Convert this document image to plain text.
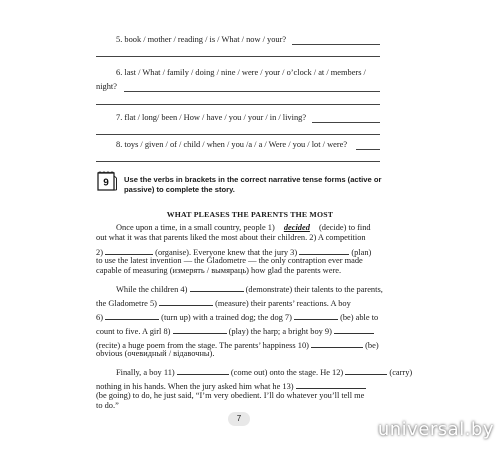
5. book / mother / reading / is / What / now / your?
6. last / What / family / doing / nine / were / your / o’clock / at / members /
night?
7. flat / long/ been / How / have / you / your / in / living?
8. toys / given / of / child / when / you /a / a / Were / you / lot / were?
9 Use the verbs in brackets in the correct narrative tense forms (active or passive) to complete the story.
WHAT PLEASES THE PARENTS THE MOST
Once upon a time, in a small country, people 1) decided (decide) to find
out what it was that parents liked the most about their children. 2) A competition
2)	(organise). Everyone knew that the jury 3)	(plan)
to use the latest invention — the Gladometre — the only contraption ever made
capable of measuring (измерять / вымяраць) how glad the parents were.
While the children 4)	(demonstrate) their talents to the parents,
the Gladometre 5)	(measure) their parents’ reactions. A boy
6)	(turn up) with a trained dog; the dog 7)	(be) able to
count to five. A girl 8)	(play) the harp; a bright boy 9)
(recite) a huge poem from the stage. The parents’ happiness 10)	(be)
obvious (очевидный / відавочны).
Finally, a boy 11)	(come out) onto the stage. He 12)	(carry)
nothing in his hands. When the jury asked him what he 13)
(be going) to do, he just said, “I’m very obedient. I’ll do whatever you’ll tell me
to do.”
7
universal.by
